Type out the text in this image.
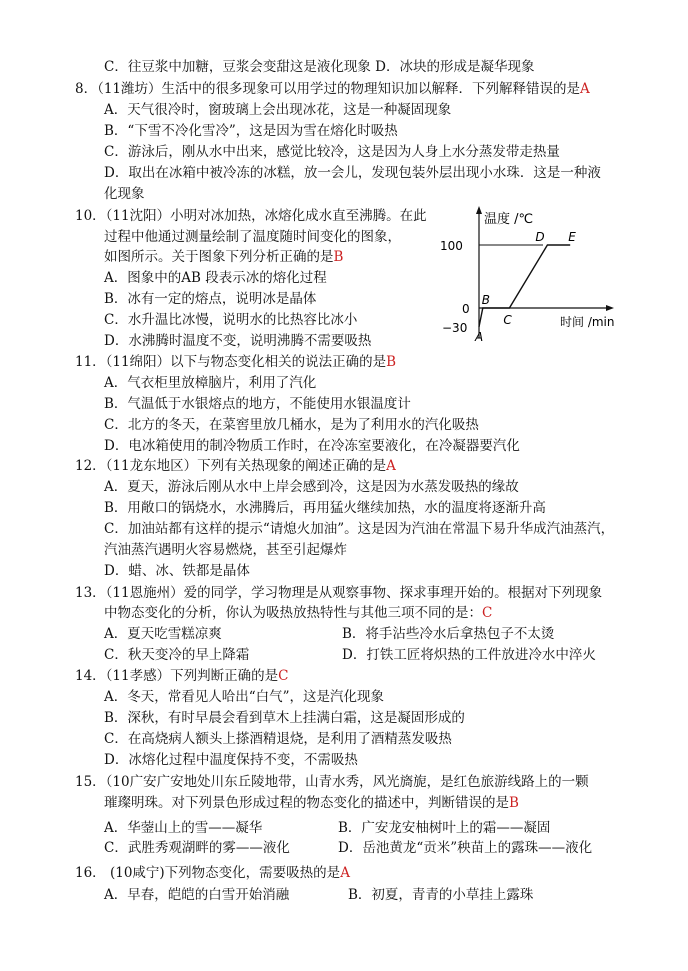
C．往豆浆中加糖，豆浆会变甜这是液化现象 D．冰块的形成是凝华现象
8．（11潍坊）生活中的很多现象可以用学过的物理知识加以解释．下列解释错误的是A
A．天气很冷时，窗玻璃上会出现冰花，这是一种凝固现象
B．“下雪不冷化雪冷”，这是因为雪在熔化时吸热
C．游泳后，刚从水中出来，感觉比较冷，这是因为人身上水分蒸发带走热量
D．取出在冰箱中被冷冻的冰糕，放一会儿，发现包装外层出现小水珠．这是一种液
化现象
10．（11沈阳）小明对冰加热，冰熔化成水直至沸腾。在此
过程中他通过测量绘制了温度随时间变化的图象，
如图所示。关于图象下列分析正确的是B
A．图象中的AB 段表示冰的熔化过程
B．冰有一定的熔点，说明冰是晶体
C．水升温比冰慢，说明水的比热容比冰小
D．水沸腾时温度不变，说明沸腾不需要吸热
温度 /℃
时间 /min
100
0
−30
A
B
C
D E
11．（11绵阳）以下与物态变化相关的说法正确的是B
A．气衣柜里放樟脑片，利用了汽化
B．气温低于水银熔点的地方，不能使用水银温度计
C．北方的冬天，在菜窖里放几桶水，是为了利用水的汽化吸热
D．电冰箱使用的制冷物质工作时，在冷冻室要液化，在冷凝器要汽化
12．（11龙东地区）下列有关热现象的阐述正确的是A
A．夏天，游泳后刚从水中上岸会感到冷，这是因为水蒸发吸热的缘故
B．用敞口的锅烧水，水沸腾后，再用猛火继续加热，水的温度将逐渐升高
C．加油站都有这样的提示“请熄火加油”。这是因为汽油在常温下易升华成汽油蒸汽，
汽油蒸汽遇明火容易燃烧，甚至引起爆炸
D．蜡、冰、铁都是晶体
13．（11恩施州）爱的同学，学习物理是从观察事物、探求事理开始的。根据对下列现象
中物态变化的分析，你认为吸热放热特性与其他三项不同的是：C
A．夏天吃雪糕凉爽	B．将手沾些冷水后拿热包子不太烫
C．秋天变冷的早上降霜	D．打铁工匠将炽热的工件放进冷水中淬火
14．（11孝感）下列判断正确的是C
A．冬天，常看见人哈出“白气”，这是汽化现象
B．深秋，有时早晨会看到草木上挂满白霜，这是凝固形成的
C．在高烧病人额头上搽酒精退烧，是利用了酒精蒸发吸热
D．冰熔化过程中温度保持不变，不需吸热
15．（10广安广安地处川东丘陵地带，山青水秀，风光旖旎，是红色旅游线路上的一颗
璀璨明珠。对下列景色形成过程的物态变化的描述中，判断错误的是B
A．华蓥山上的雪——凝华	B．广安龙安柚树叶上的霜——凝固
C．武胜秀观湖畔的雾——液化	D．岳池黄龙“贡米”秧苗上的露珠——液化
16． (10咸宁)下列物态变化，需要吸热的是A
A．早春，皑皑的白雪开始消融	B．初夏，青青的小草挂上露珠
